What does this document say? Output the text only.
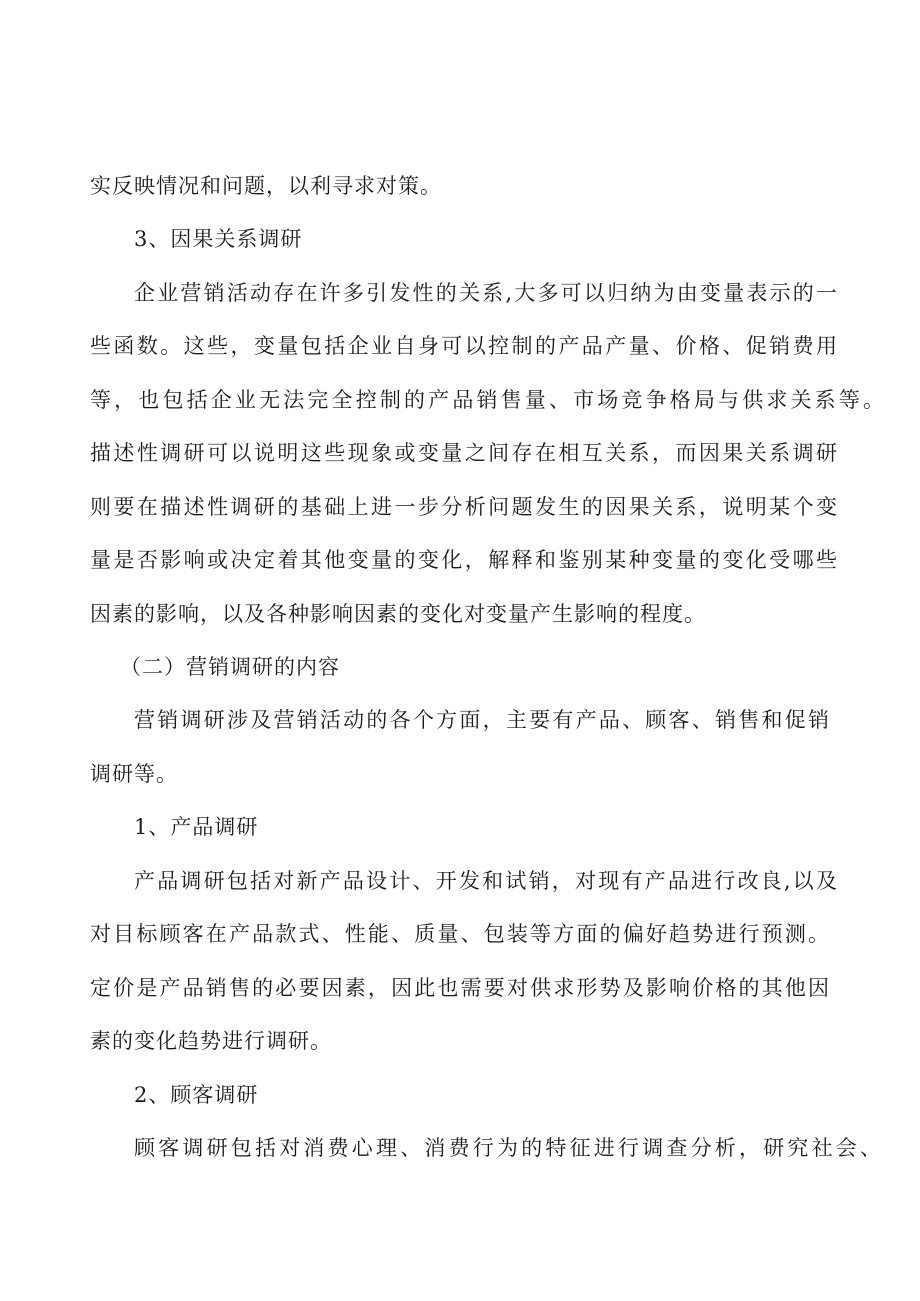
实反映情况和问题，以利寻求对策。
3、因果关系调研
企业营销活动存在许多引发性的关系,大多可以归纳为由变量表示的一
些函数。这些，变量包括企业自身可以控制的产品产量、价格、促销费用
等，也包括企业无法完全控制的产品销售量、市场竞争格局与供求关系等。
描述性调研可以说明这些现象或变量之间存在相互关系，而因果关系调研
则要在描述性调研的基础上进一步分析问题发生的因果关系，说明某个变
量是否影响或决定着其他变量的变化，解释和鉴别某种变量的变化受哪些
因素的影响，以及各种影响因素的变化对变量产生影响的程度。
（二）营销调研的内容
营销调研涉及营销活动的各个方面，主要有产品、顾客、销售和促销
调研等。
1、产品调研
产品调研包括对新产品设计、开发和试销，对现有产品进行改良,以及
对目标顾客在产品款式、性能、质量、包装等方面的偏好趋势进行预测。
定价是产品销售的必要因素，因此也需要对供求形势及影响价格的其他因
素的变化趋势进行调研。
2、顾客调研
顾客调研包括对消费心理、消费行为的特征进行调查分析，研究社会、
